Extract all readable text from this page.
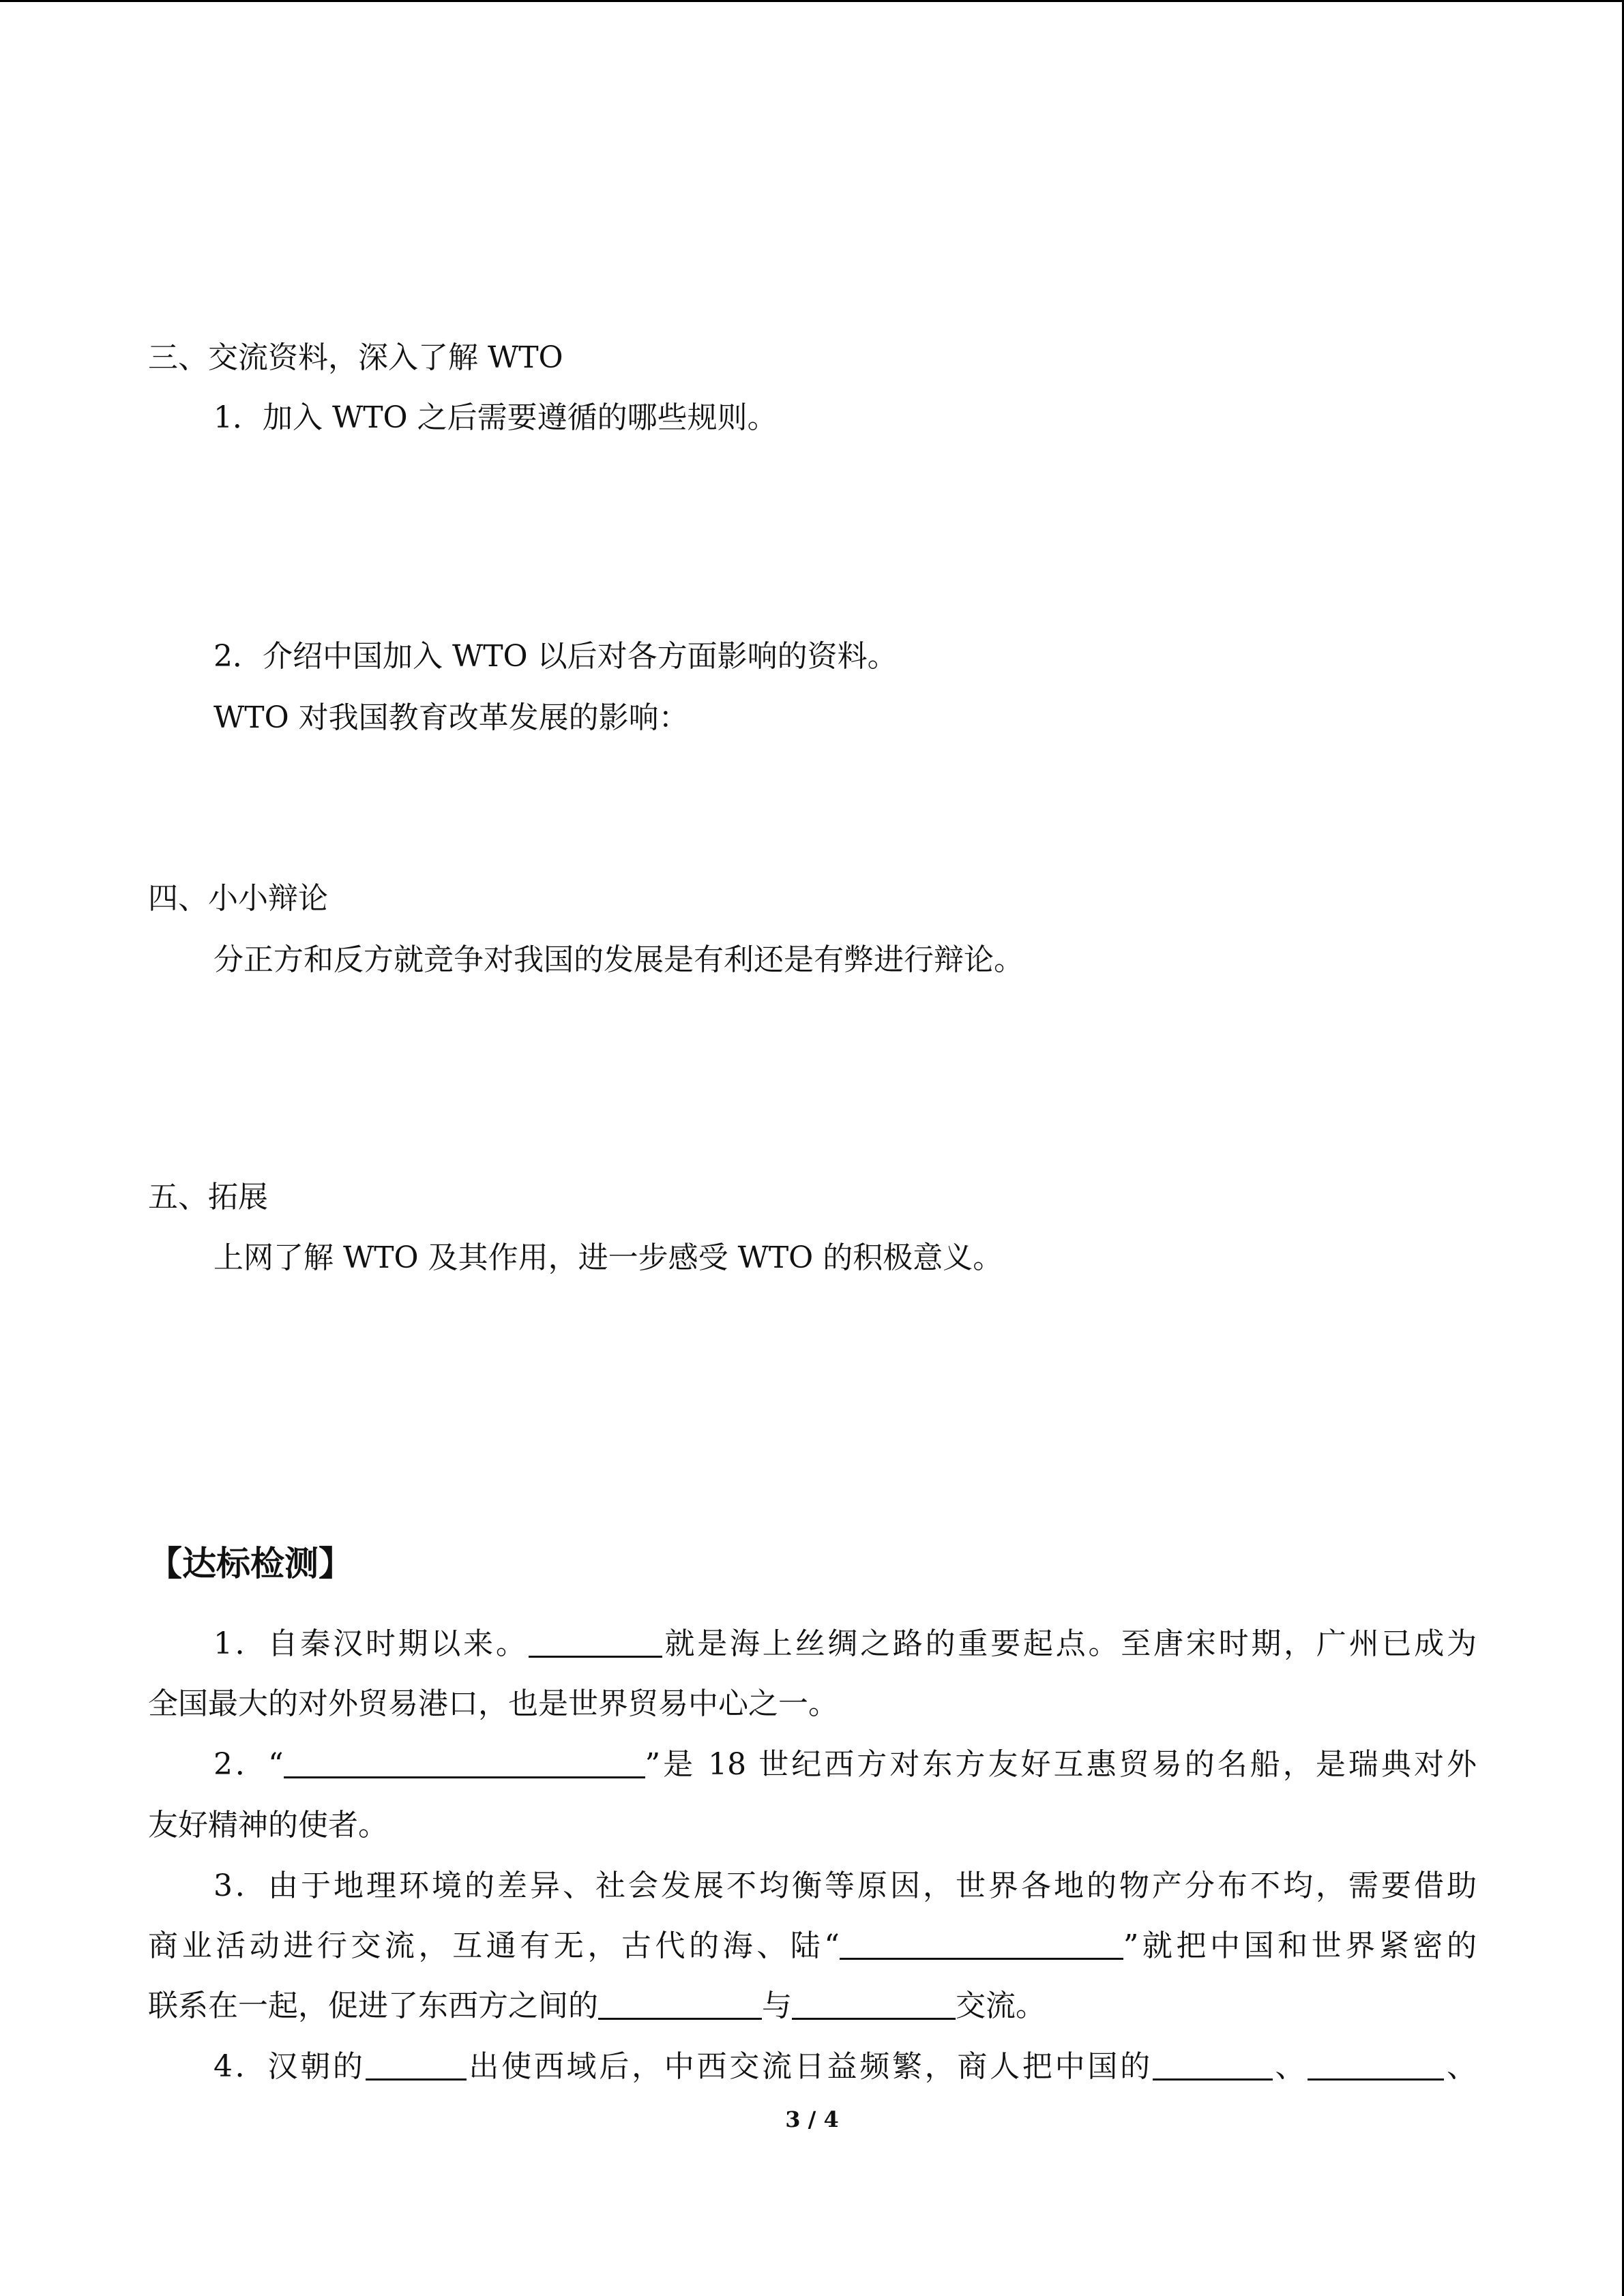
三、交流资料，深入了解 WTO

1．加入 WTO 之后需要遵循的哪些规则。

2．介绍中国加入 WTO 以后对各方面影响的资料。

WTO 对我国教育改革发展的影响：

四、小小辩论

分正方和反方就竞争对我国的发展是有利还是有弊进行辩论。

五、拓展

上网了解 WTO 及其作用，进一步感受 WTO 的积极意义。

【达标检测】

1．自秦汉时期以来。	就是海上丝绸之路的重要起点。至唐宋时期，广州已成为

全国最大的对外贸易港口，也是世界贸易中心之一。

2．“	”是 18 世纪西方对东方友好互惠贸易的名船，是瑞典对外

友好精神的使者。

3．由于地理环境的差异、社会发展不均衡等原因，世界各地的物产分布不均，需要借助

商业活动进行交流，互通有无，古代的海、陆“	”就把中国和世界紧密的

联系在一起，促进了东西方之间的	与	交流。

4．汉朝的	出使西域后，中西交流日益频繁，商人把中国的	、	、

3 / 4
